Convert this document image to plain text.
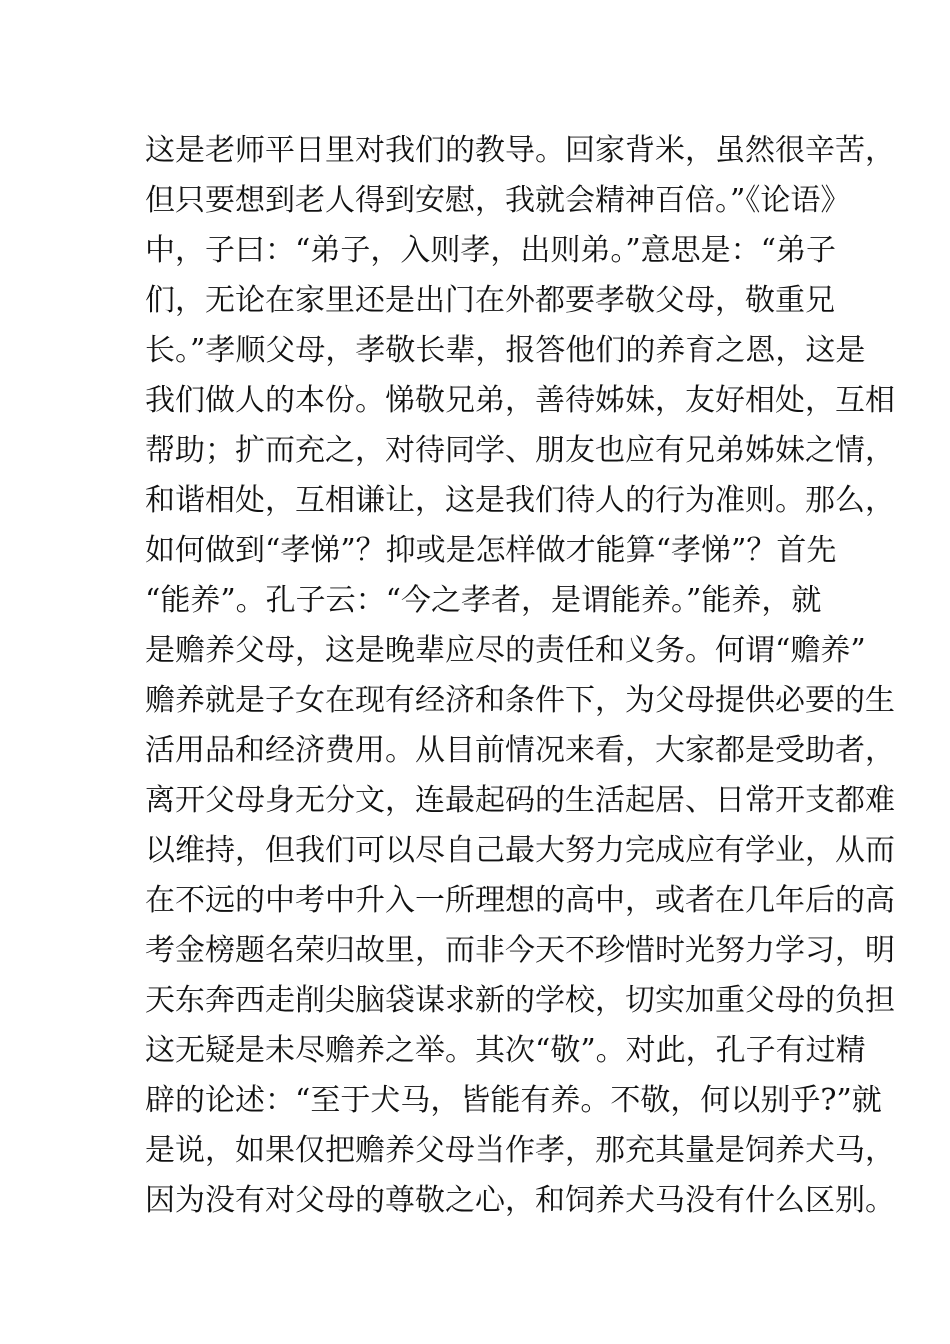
这是老师平日里对我们的教导。回家背米，虽然很辛苦，
但只要想到老人得到安慰，我就会精神百倍。”《论语》
中，子曰：“弟子，入则孝，出则弟。”意思是：“弟子
们，无论在家里还是出门在外都要孝敬父母，敬重兄
长。”孝顺父母，孝敬长辈，报答他们的养育之恩，这是
我们做人的本份。悌敬兄弟，善待姊妹，友好相处，互相
帮助；扩而充之，对待同学、朋友也应有兄弟姊妹之情，
和谐相处，互相谦让，这是我们待人的行为准则。那么，
如何做到“孝悌”？抑或是怎样做才能算“孝悌”？首先
“能养”。孔子云：“今之孝者，是谓能养。”能养，就
是赡养父母，这是晚辈应尽的责任和义务。何谓“赡养”
赡养就是子女在现有经济和条件下，为父母提供必要的生
活用品和经济费用。从目前情况来看，大家都是受助者，
离开父母身无分文，连最起码的生活起居、日常开支都难
以维持，但我们可以尽自己最大努力完成应有学业，从而
在不远的中考中升入一所理想的高中，或者在几年后的高
考金榜题名荣归故里，而非今天不珍惜时光努力学习，明
天东奔西走削尖脑袋谋求新的学校，切实加重父母的负担
这无疑是未尽赡养之举。其次“敬”。对此，孔子有过精
辟的论述：“至于犬马，皆能有养。不敬，何以别乎?”就
是说，如果仅把赡养父母当作孝，那充其量是饲养犬马，
因为没有对父母的尊敬之心，和饲养犬马没有什么区别。
